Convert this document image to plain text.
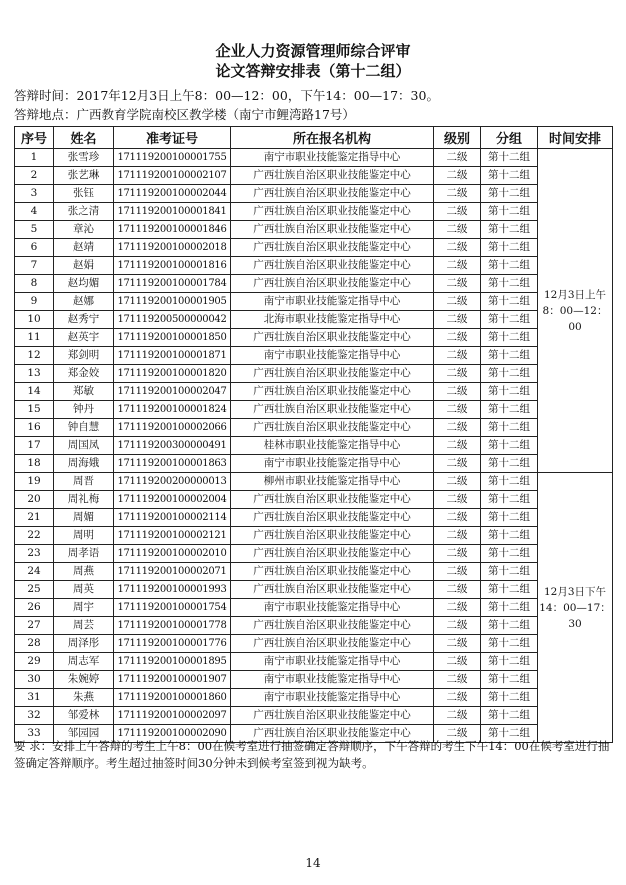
企业人力资源管理师综合评审
论文答辩安排表（第十二组）
答辩时间：2017年12月3日上午8：00—12：00，下午14：00—17：30。
答辩地点：广西教育学院南校区教学楼（南宁市鲤湾路17号）
序号	姓名	准考证号	所在报名机构	级别	分组	时间安排
1	张雪珍	171119200100001755	南宁市职业技能鉴定指导中心	二级	第十二组	12月3日上午8：00—12：00
2	张艺琳	171119200100002107	广西壮族自治区职业技能鉴定中心	二级	第十二组	
3	张钰	171119200100002044	广西壮族自治区职业技能鉴定中心	二级	第十二组	
4	张之清	171119200100001841	广西壮族自治区职业技能鉴定中心	二级	第十二组	
5	章沁	171119200100001846	广西壮族自治区职业技能鉴定中心	二级	第十二组	
6	赵靖	171119200100002018	广西壮族自治区职业技能鉴定中心	二级	第十二组	
7	赵娟	171119200100001816	广西壮族自治区职业技能鉴定中心	二级	第十二组	
8	赵均媚	171119200100001784	广西壮族自治区职业技能鉴定中心	二级	第十二组	
9	赵娜	171119200100001905	南宁市职业技能鉴定指导中心	二级	第十二组	
10	赵秀宁	171119200500000042	北海市职业技能鉴定指导中心	二级	第十二组	
11	赵英宇	171119200100001850	广西壮族自治区职业技能鉴定中心	二级	第十二组	
12	郑剑明	171119200100001871	南宁市职业技能鉴定指导中心	二级	第十二组	
13	郑金姣	171119200100001820	广西壮族自治区职业技能鉴定中心	二级	第十二组	
14	郑敏	171119200100002047	广西壮族自治区职业技能鉴定中心	二级	第十二组	
15	钟丹	171119200100001824	广西壮族自治区职业技能鉴定中心	二级	第十二组	
16	钟自慧	171119200100002066	广西壮族自治区职业技能鉴定中心	二级	第十二组	
17	周国凤	171119200300000491	桂林市职业技能鉴定指导中心	二级	第十二组	
18	周海娥	171119200100001863	南宁市职业技能鉴定指导中心	二级	第十二组	
19	周晋	171119200200000013	柳州市职业技能鉴定指导中心	二级	第十二组	12月3日下午14：00—17：30
20	周礼梅	171119200100002004	广西壮族自治区职业技能鉴定中心	二级	第十二组	
21	周媚	171119200100002114	广西壮族自治区职业技能鉴定中心	二级	第十二组	
22	周明	171119200100002121	广西壮族自治区职业技能鉴定中心	二级	第十二组	
23	周孝语	171119200100002010	广西壮族自治区职业技能鉴定中心	二级	第十二组	
24	周燕	171119200100002071	广西壮族自治区职业技能鉴定中心	二级	第十二组	
25	周英	171119200100001993	广西壮族自治区职业技能鉴定中心	二级	第十二组	
26	周宇	171119200100001754	南宁市职业技能鉴定指导中心	二级	第十二组	
27	周芸	171119200100001778	广西壮族自治区职业技能鉴定中心	二级	第十二组	
28	周泽彤	171119200100001776	广西壮族自治区职业技能鉴定中心	二级	第十二组	
29	周志军	171119200100001895	南宁市职业技能鉴定指导中心	二级	第十二组	
30	朱婉婷	171119200100001907	南宁市职业技能鉴定指导中心	二级	第十二组	
31	朱燕	171119200100001860	南宁市职业技能鉴定指导中心	二级	第十二组	
32	邹爱林	171119200100002097	广西壮族自治区职业技能鉴定中心	二级	第十二组	
33	邹园园	171119200100002090	广西壮族自治区职业技能鉴定中心	二级	第十二组	
要 求：安排上午答辩的考生上午8：00在候考室进行抽签确定答辩顺序，下午答辩的考生下午14：00在候考室进行抽签确定答辩顺序。考生超过抽签时间30分钟未到候考室签到视为缺考。
14
